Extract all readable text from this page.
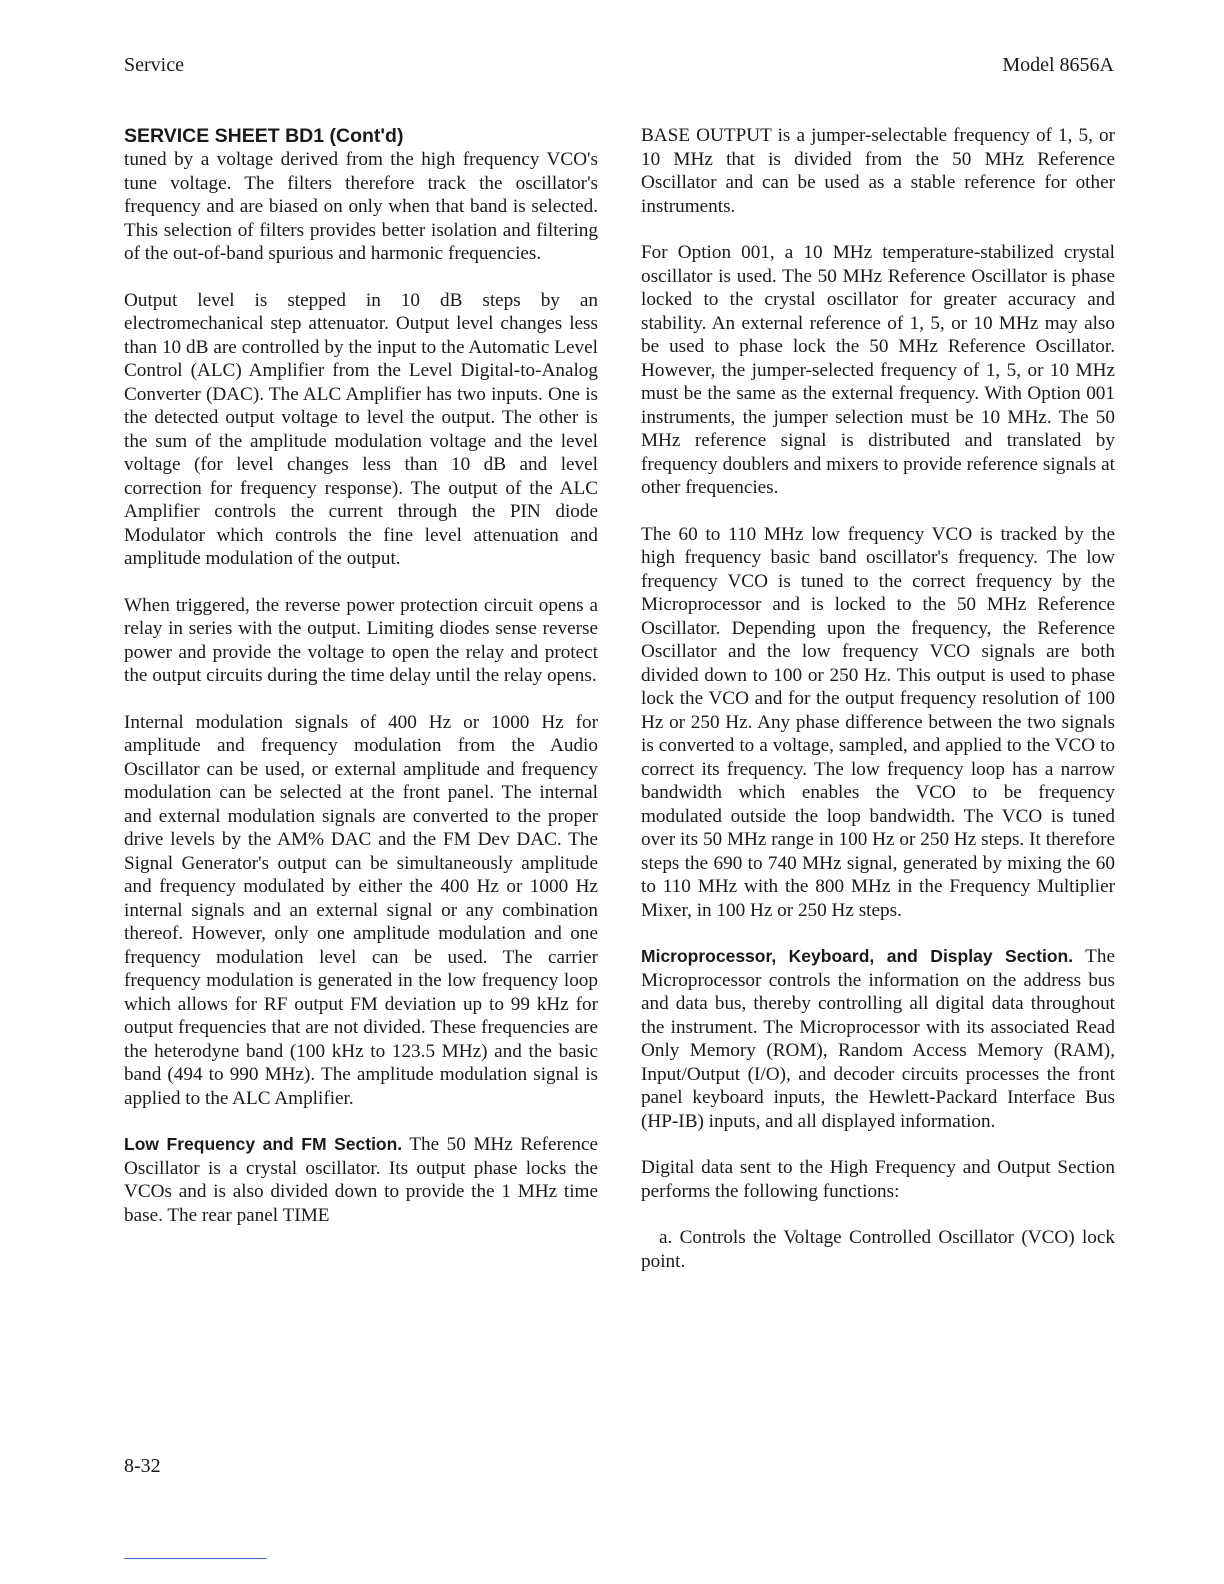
Service	Model 8656A
SERVICE SHEET BD1 (Cont'd)

tuned by a voltage derived from the high frequency VCO's tune voltage. The filters therefore track the oscillator's frequency and are biased on only when that band is selected. This selection of filters provides better isolation and filtering of the out-of-band spurious and harmonic frequencies.

Output level is stepped in 10 dB steps by an electromechanical step attenuator. Output level changes less than 10 dB are controlled by the input to the Automatic Level Control (ALC) Amplifier from the Level Digital-to-Analog Converter (DAC). The ALC Amplifier has two inputs. One is the detected output voltage to level the output. The other is the sum of the amplitude modulation voltage and the level voltage (for level changes less than 10 dB and level correction for frequency response). The output of the ALC Amplifier controls the current through the PIN diode Modulator which controls the fine level attenuation and amplitude modulation of the output.

When triggered, the reverse power protection circuit opens a relay in series with the output. Limiting diodes sense reverse power and provide the voltage to open the relay and protect the output circuits during the time delay until the relay opens.

Internal modulation signals of 400 Hz or 1000 Hz for amplitude and frequency modulation from the Audio Oscillator can be used, or external amplitude and frequency modulation can be selected at the front panel. The internal and external modulation signals are converted to the proper drive levels by the AM% DAC and the FM Dev DAC. The Signal Generator's output can be simultaneously amplitude and frequency modulated by either the 400 Hz or 1000 Hz internal signals and an external signal or any combination thereof. However, only one amplitude modulation and one frequency modulation level can be used. The carrier frequency modulation is generated in the low frequency loop which allows for RF output FM deviation up to 99 kHz for output frequencies that are not divided. These frequencies are the heterodyne band (100 kHz to 123.5 MHz) and the basic band (494 to 990 MHz). The amplitude modulation signal is applied to the ALC Amplifier.

Low Frequency and FM Section. The 50 MHz Reference Oscillator is a crystal oscillator. Its output phase locks the VCOs and is also divided down to provide the 1 MHz time base. The rear panel TIME

BASE OUTPUT is a jumper-selectable frequency of 1, 5, or 10 MHz that is divided from the 50 MHz Reference Oscillator and can be used as a stable reference for other instruments.

For Option 001, a 10 MHz temperature-stabilized crystal oscillator is used. The 50 MHz Reference Oscillator is phase locked to the crystal oscillator for greater accuracy and stability. An external reference of 1, 5, or 10 MHz may also be used to phase lock the 50 MHz Reference Oscillator. However, the jumper-selected frequency of 1, 5, or 10 MHz must be the same as the external frequency. With Option 001 instruments, the jumper selection must be 10 MHz. The 50 MHz reference signal is distributed and translated by frequency doublers and mixers to provide reference signals at other frequencies.

The 60 to 110 MHz low frequency VCO is tracked by the high frequency basic band oscillator's frequency. The low frequency VCO is tuned to the correct frequency by the Microprocessor and is locked to the 50 MHz Reference Oscillator. Depending upon the frequency, the Reference Oscillator and the low frequency VCO signals are both divided down to 100 or 250 Hz. This output is used to phase lock the VCO and for the output frequency resolution of 100 Hz or 250 Hz. Any phase difference between the two signals is converted to a voltage, sampled, and applied to the VCO to correct its frequency. The low frequency loop has a narrow bandwidth which enables the VCO to be frequency modulated outside the loop bandwidth. The VCO is tuned over its 50 MHz range in 100 Hz or 250 Hz steps. It therefore steps the 690 to 740 MHz signal, generated by mixing the 60 to 110 MHz with the 800 MHz in the Frequency Multiplier Mixer, in 100 Hz or 250 Hz steps.

Microprocessor, Keyboard, and Display Section. The Microprocessor controls the information on the address bus and data bus, thereby controlling all digital data throughout the instrument. The Microprocessor with its associated Read Only Memory (ROM), Random Access Memory (RAM), Input/Output (I/O), and decoder circuits processes the front panel keyboard inputs, the Hewlett-Packard Interface Bus (HP-IB) inputs, and all displayed information.

Digital data sent to the High Frequency and Output Section performs the following functions:

a. Controls the Voltage Controlled Oscillator (VCO) lock point.

8-32
